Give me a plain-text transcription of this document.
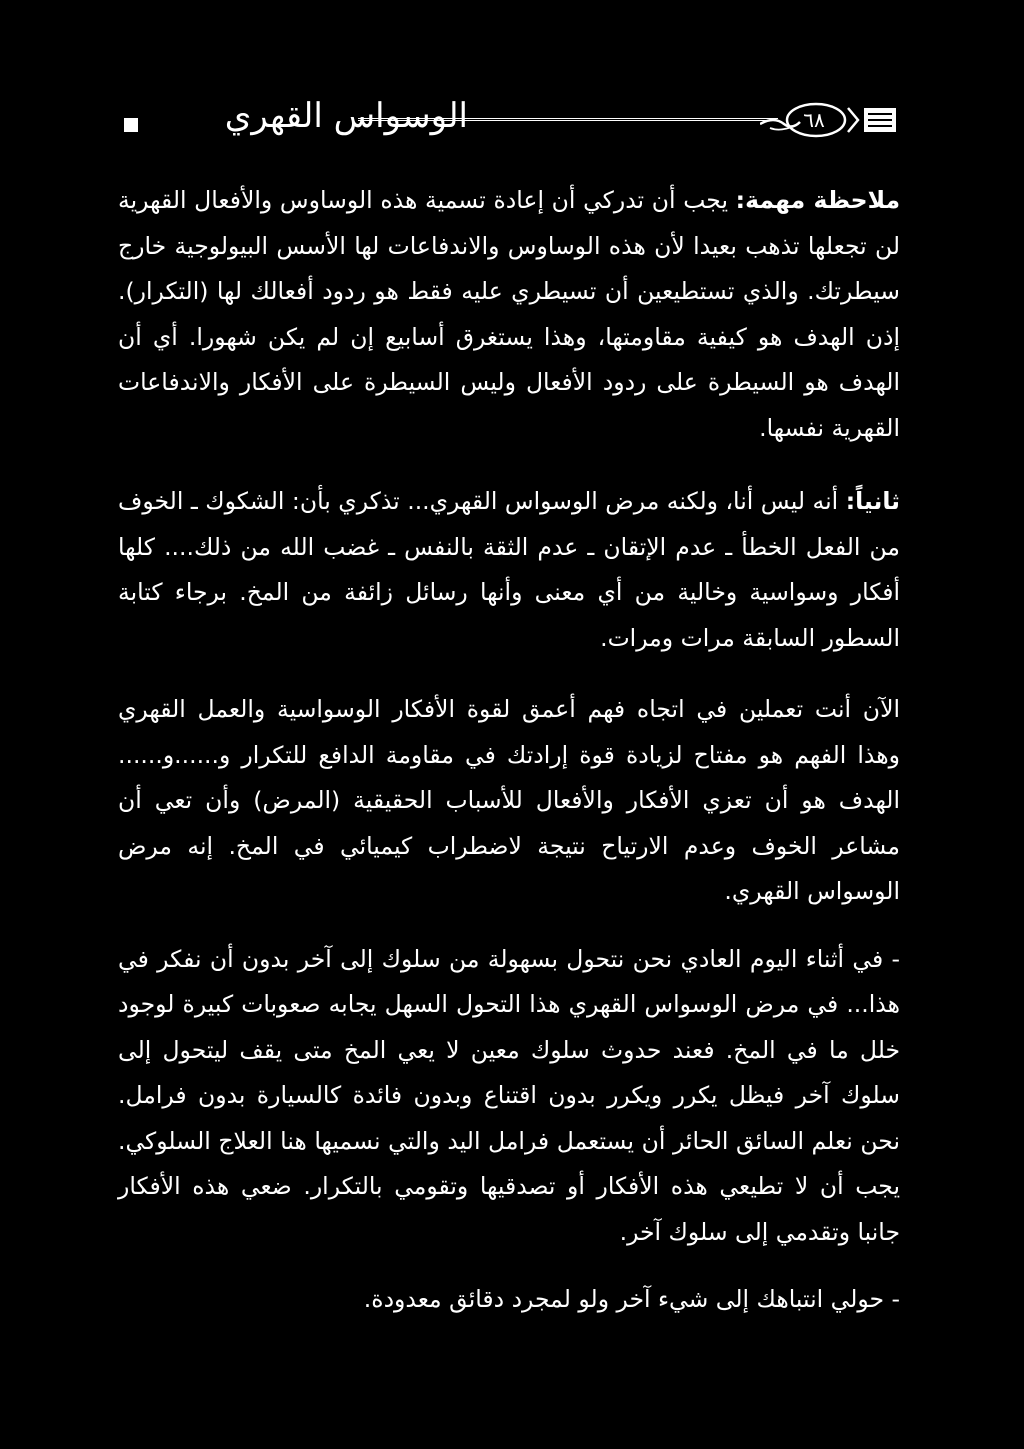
الوسواس القهري	٦٨

ملاحظة مهمة: يجب أن تدركي أن إعادة تسمية هذه الوساوس والأفعال القهرية لن تجعلها تذهب بعيدا لأن هذه الوساوس والاندفاعات لها الأسس البيولوجية خارج سيطرتك. والذي تستطيعين أن تسيطري عليه فقط هو ردود أفعالك لها (التكرار). إذن الهدف هو كيفية مقاومتها، وهذا يستغرق أسابيع إن لم يكن شهورا. أي أن الهدف هو السيطرة على ردود الأفعال وليس السيطرة على الأفكار والاندفاعات القهرية نفسها.

ثانياً: أنه ليس أنا، ولكنه مرض الوسواس القهري... تذكري بأن: الشكوك ـ الخوف من الفعل الخطأ ـ عدم الإتقان ـ عدم الثقة بالنفس ـ غضب الله من ذلك.... كلها أفكار وسواسية وخالية من أي معنى وأنها رسائل زائفة من المخ. برجاء كتابة السطور السابقة مرات ومرات.

الآن أنت تعملين في اتجاه فهم أعمق لقوة الأفكار الوسواسية والعمل القهري وهذا الفهم هو مفتاح لزيادة قوة إرادتك في مقاومة الدافع للتكرار و......و...... الهدف هو أن تعزي الأفكار والأفعال للأسباب الحقيقية (المرض) وأن تعي أن مشاعر الخوف وعدم الارتياح نتيجة لاضطراب كيميائي في المخ. إنه مرض الوسواس القهري.

- في أثناء اليوم العادي نحن نتحول بسهولة من سلوك إلى آخر بدون أن نفكر في هذا... في مرض الوسواس القهري هذا التحول السهل يجابه صعوبات كبيرة لوجود خلل ما في المخ. فعند حدوث سلوك معين لا يعي المخ متى يقف ليتحول إلى سلوك آخر فيظل يكرر ويكرر بدون اقتناع وبدون فائدة كالسيارة بدون فرامل. نحن نعلم السائق الحائر أن يستعمل فرامل اليد والتي نسميها هنا العلاج السلوكي. يجب أن لا تطيعي هذه الأفكار أو تصدقيها وتقومي بالتكرار. ضعي هذه الأفكار جانبا وتقدمي إلى سلوك آخر.

- حولي انتباهك إلى شيء آخر ولو لمجرد دقائق معدودة.
